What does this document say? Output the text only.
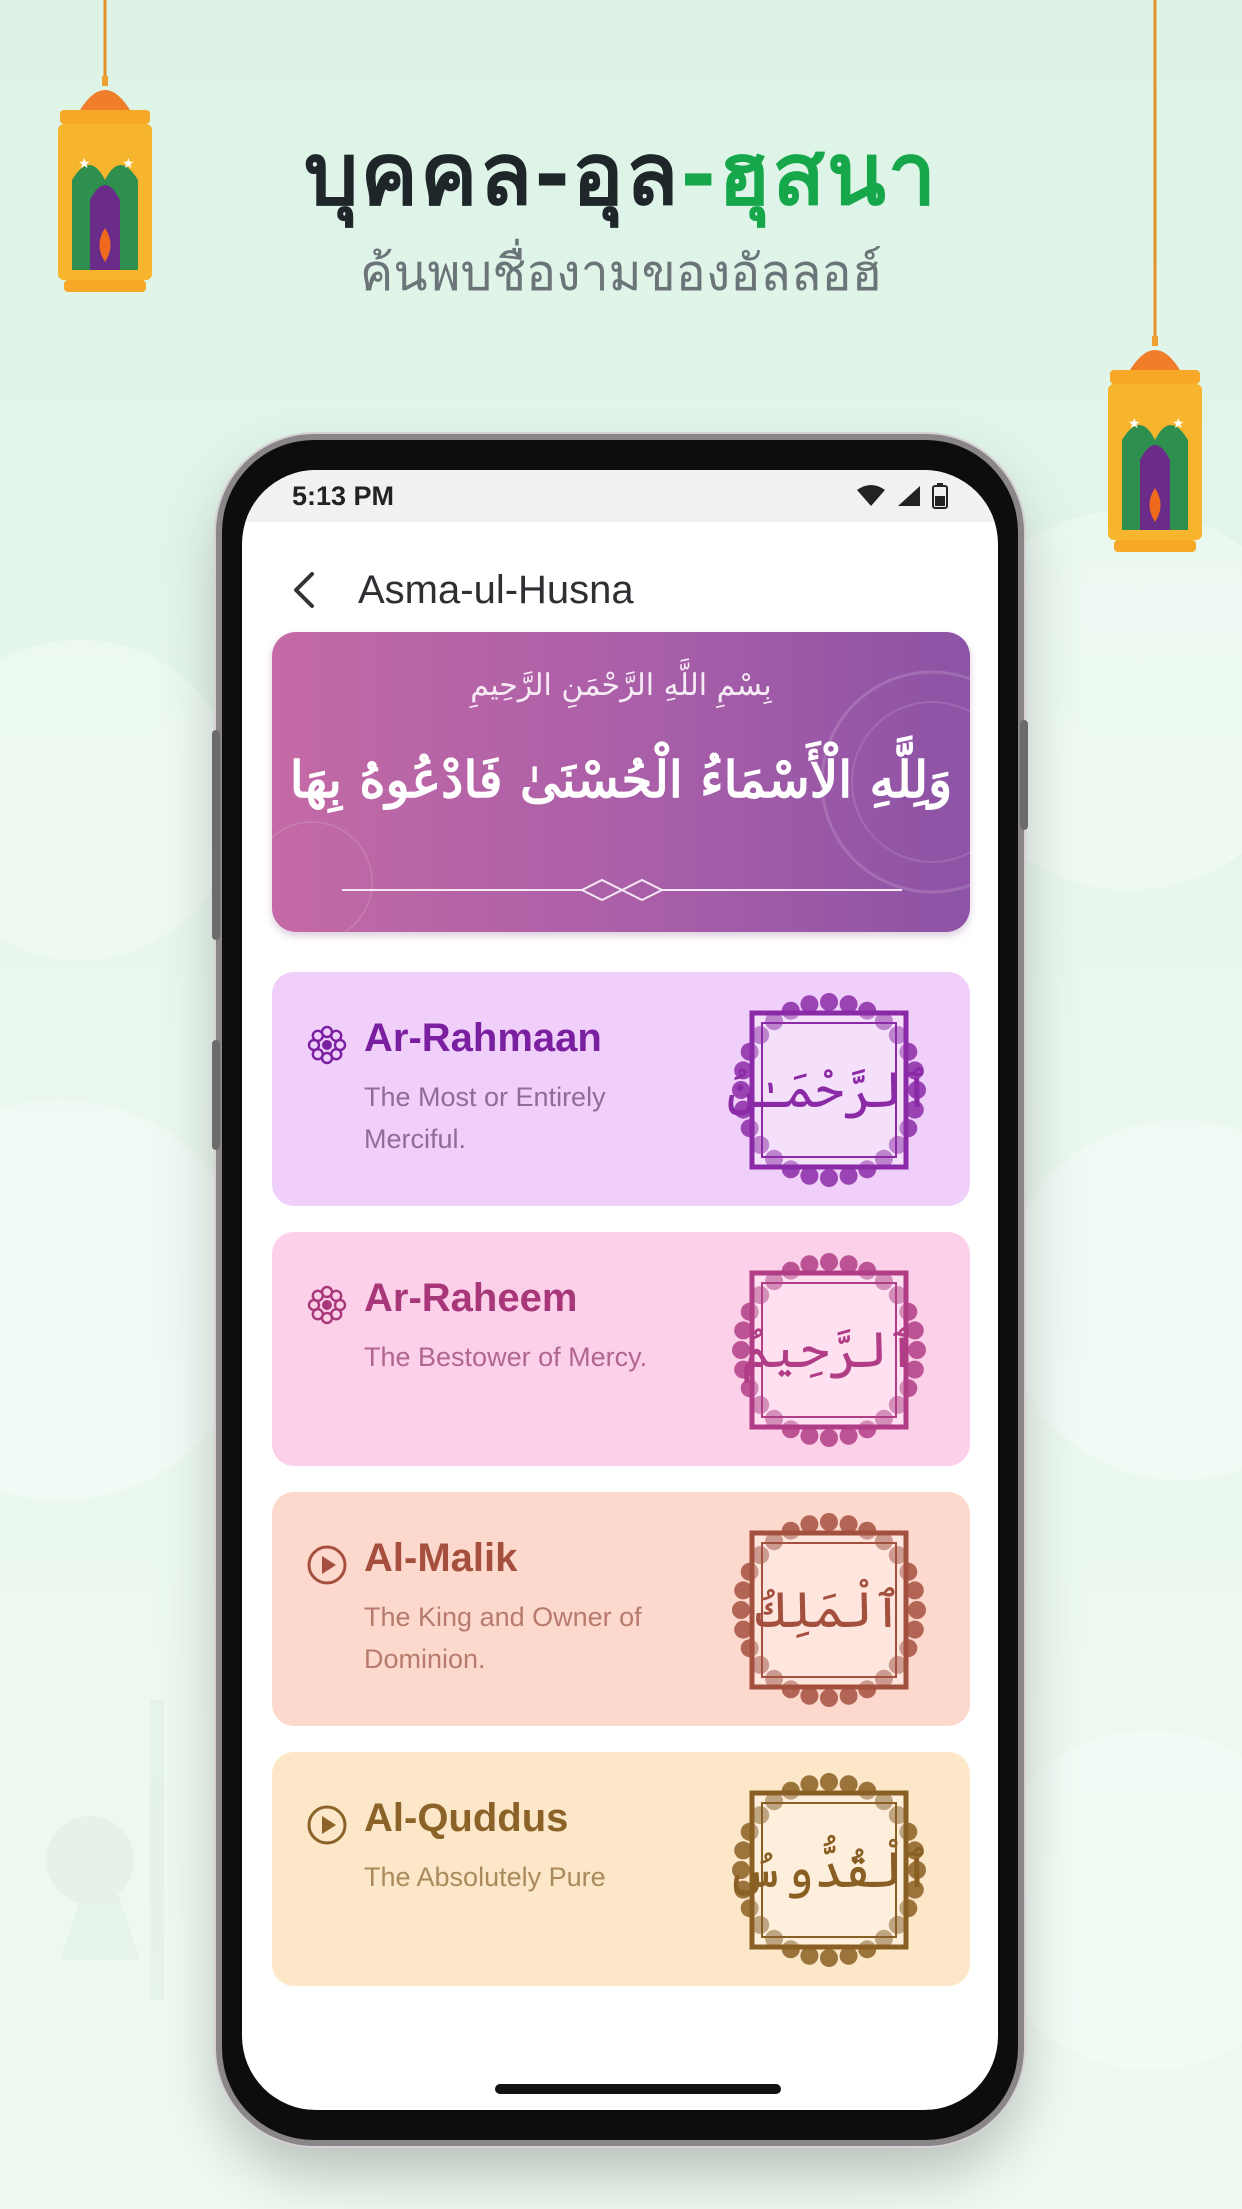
บุคคล-อุล-ฮุสนา
ค้นพบชื่องามของอัลลอฮ์
★ ★
★ ★
5:13 PM
Asma-ul-Husna
بِسْمِ اللَّهِ الرَّحْمَنِ الرَّحِيمِ
وَلِلَّهِ الْأَسْمَاءُ الْحُسْنَىٰ فَادْعُوهُ بِهَا
Ar-Rahmaan
The Most or Entirely Merciful.
ٱلرَّحْمَـٰنُ
Ar-Raheem
The Bestower of Mercy.	ٱلرَّحِيمُ
Al-Malik
The King and Owner of Dominion.
ٱلْمَلِكُ
Al-Quddus
The Absolutely Pure	ٱلْقُدُّوسُ
